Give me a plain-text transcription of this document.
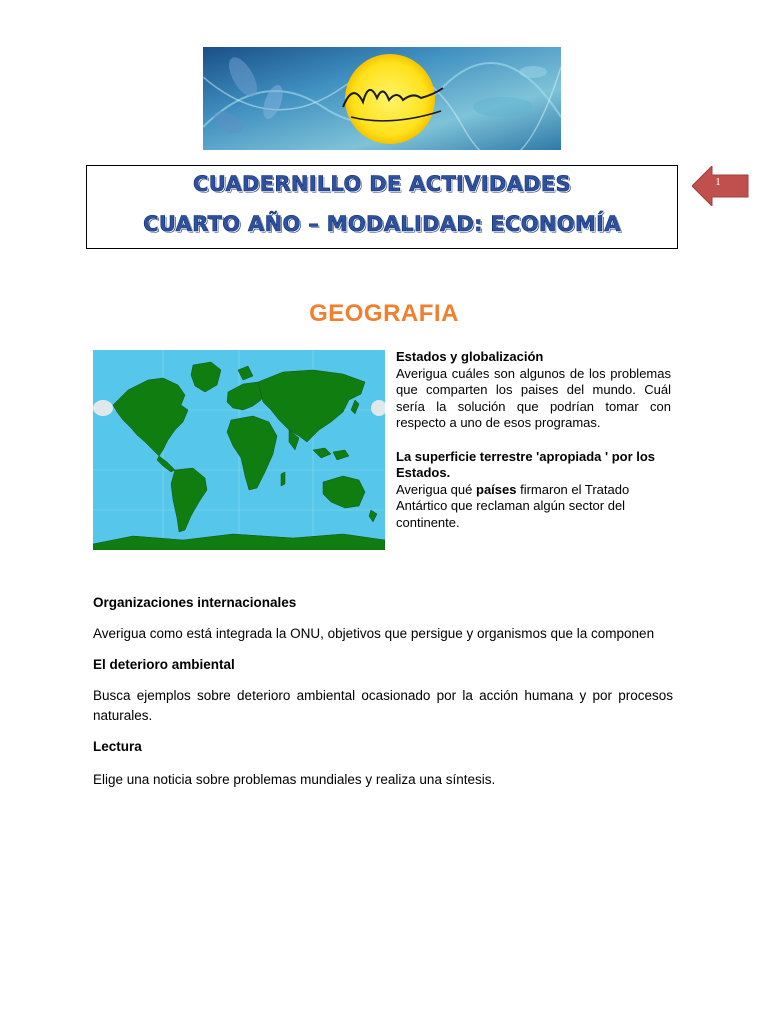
CUADERNILLO DE ACTIVIDADES
CUARTO AÑO – MODALIDAD: ECONOMÍA
1
GEOGRAFIA

Estados y globalización

Averigua cuáles son algunos de los problemas que comparten los paises del mundo. Cuál sería la solución que podrían tomar con respecto a uno de esos programas.

La superficie terrestre 'apropiada ' por los Estados.

Averigua qué países firmaron el Tratado Antártico que reclaman algún sector del continente.

Organizaciones internacionales
Averigua como está integrada la ONU, objetivos que persigue y organismos que la componen
El deterioro ambiental
Busca ejemplos sobre deterioro ambiental ocasionado por la acción humana y por procesos naturales.
Lectura
Elige una noticia sobre problemas mundiales y realiza una síntesis.
